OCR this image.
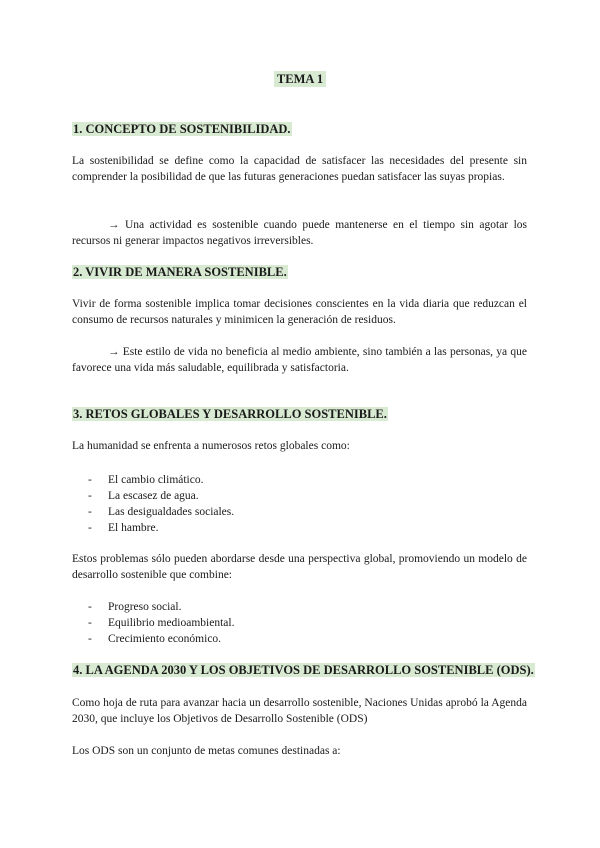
TEMA 1

1. CONCEPTO DE SOSTENIBILIDAD.

La sostenibilidad se define como la capacidad de satisfacer las necesidades del presente sin comprender la posibilidad de que las futuras generaciones puedan satisfacer las suyas propias.

→ Una actividad es sostenible cuando puede mantenerse en el tiempo sin agotar los recursos ni generar impactos negativos irreversibles.

2. VIVIR DE MANERA SOSTENIBLE.

Vivir de forma sostenible implica tomar decisiones conscientes en la vida diaria que reduzcan el consumo de recursos naturales y minimicen la generación de residuos.

→ Este estilo de vida no beneficia al medio ambiente, sino también a las personas, ya que favorece una vida más saludable, equilibrada y satisfactoria.

3. RETOS GLOBALES Y DESARROLLO SOSTENIBLE.

La humanidad se enfrenta a numerosos retos globales como:

- El cambio climático.
- La escasez de agua.
- Las desigualdades sociales.
- El hambre.

Estos problemas sólo pueden abordarse desde una perspectiva global, promoviendo un modelo de desarrollo sostenible que combine:

- Progreso social.
- Equilibrio medioambiental.
- Crecimiento económico.

4. LA AGENDA 2030 Y LOS OBJETIVOS DE DESARROLLO SOSTENIBLE (ODS).

Como hoja de ruta para avanzar hacia un desarrollo sostenible, Naciones Unidas aprobó la Agenda 2030, que incluye los Objetivos de Desarrollo Sostenible (ODS)

Los ODS son un conjunto de metas comunes destinadas a:
